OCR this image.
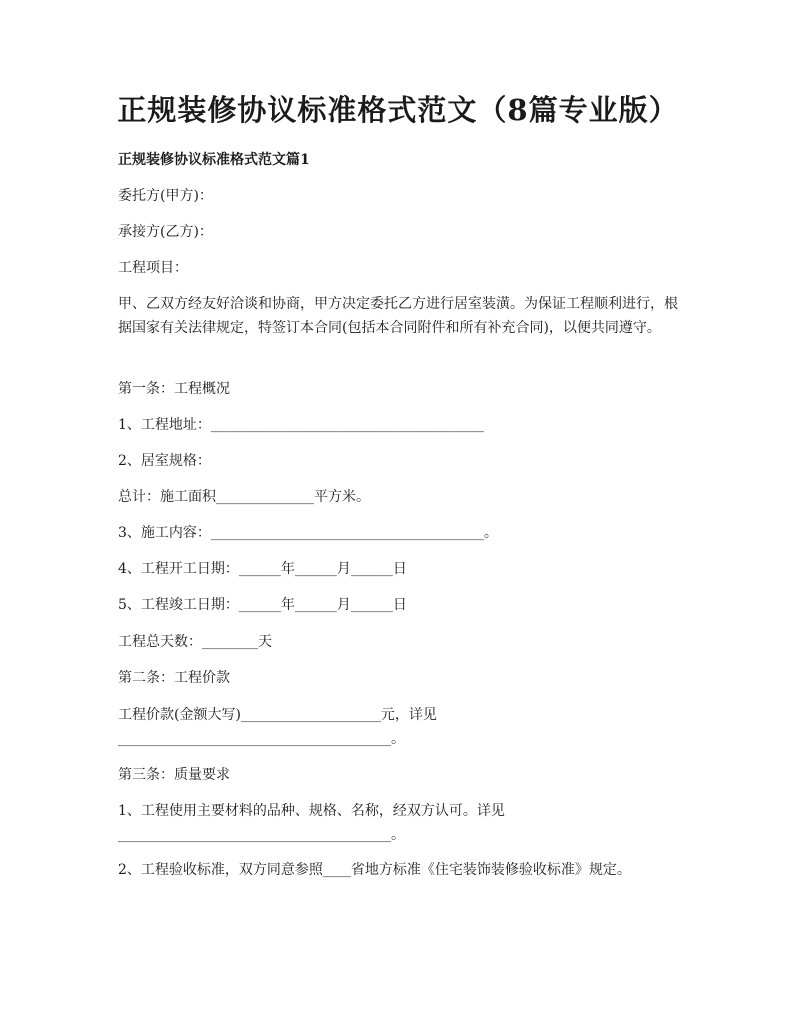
正规装修协议标准格式范文（8篇专业版）

正规装修协议标准格式范文篇1

委托方(甲方)：

承接方(乙方)：

工程项目：

甲、乙双方经友好洽谈和协商，甲方决定委托乙方进行居室装潢。为保证工程顺利进行，根据国家有关法律规定，特签订本合同(包括本合同附件和所有补充合同)，以便共同遵守。

第一条：工程概况

1、工程地址：_______________________________________

2、居室规格：

总计：施工面积______________平方米。

3、施工内容：_______________________________________。

4、工程开工日期：______年______月______日

5、工程竣工日期：______年______月______日

工程总天数：________天

第二条：工程价款

工程价款(金额大写)____________________元，详见_______________________________________。

第三条：质量要求

1、工程使用主要材料的品种、规格、名称，经双方认可。详见_______________________________________。

2、工程验收标准，双方同意参照____省地方标准《住宅装饰装修验收标准》规定。
